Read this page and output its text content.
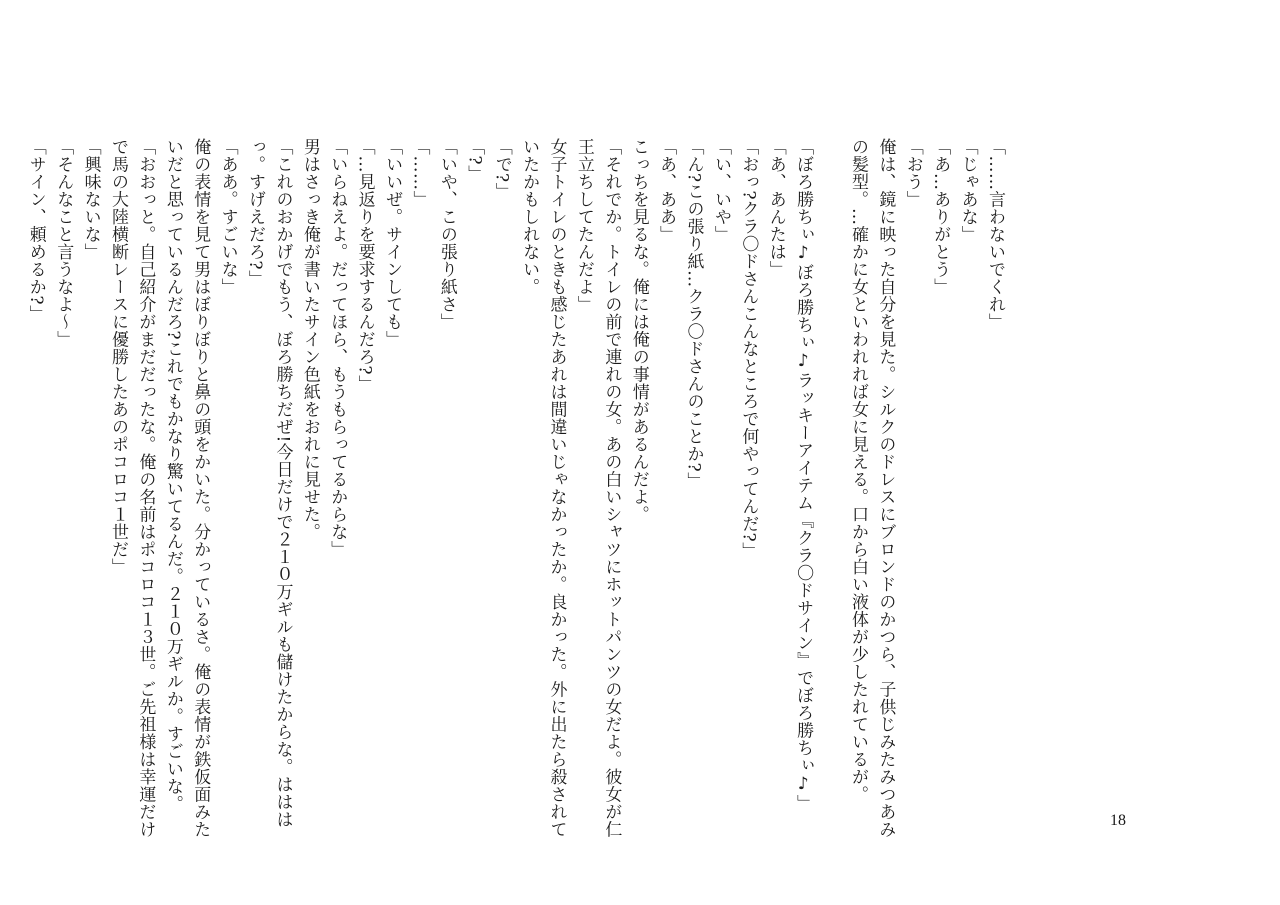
「……言わないでくれ」
「じゃあな」
「あ…ありがとう」
「おう」
俺は、鏡に映った自分を見た。シルクのドレスにブロンドのかつら、子供じみたみつあみ
の髪型。…確かに女といわれれば女に見える。口から白い液体が少したれているが。

「ぼろ勝ちぃ♪ぼろ勝ちぃ♪ラッキーアイテム『クラ〇ドサイン』でぼろ勝ちぃ♪」
「あ、あんたは」
「おっ?クラ〇ドさんこんなところで何やってんだ?」
「い、いや」
「ん?この張り紙…クラ〇ドさんのことか?」
「あ、ああ」
こっちを見るな。俺には俺の事情があるんだよ。
「それでか。トイレの前で連れの女。あの白いシャツにホットパンツの女だよ。彼女が仁
王立ちしてたんだよ」
女子トイレのときも感じたあれは間違いじゃなかったか。良かった。外に出たら殺されて
いたかもしれない。
「で?」
「?」
「いや、この張り紙さ」
「……」
「いいぜ。サインしても」
「…見返りを要求するんだろ?」
「いらねえよ。だってほら、もうもらってるからな」
男はさっき俺が書いたサイン色紙をおれに見せた。
「これのおかげでもう、ぼろ勝ちだぜ!今日だけで２１０万ギルも儲けたからな。ははは
っ。すげえだろ?」
「ああ。すごいな」
俺の表情を見て男はぼりぼりと鼻の頭をかいた。分かっているさ。俺の表情が鉄仮面みた
いだと思っているんだろ?これでもかなり驚いてるんだ。２１０万ギルか。すごいな。
「おおっと。自己紹介がまだだったな。俺の名前はポコロコ１３世。ご先祖様は幸運だけ
で馬の大陸横断レースに優勝したあのポコロコ１世だ」
「興味ないな」
「そんなこと言うなよ～」
「サイン、頼めるか?」
18
